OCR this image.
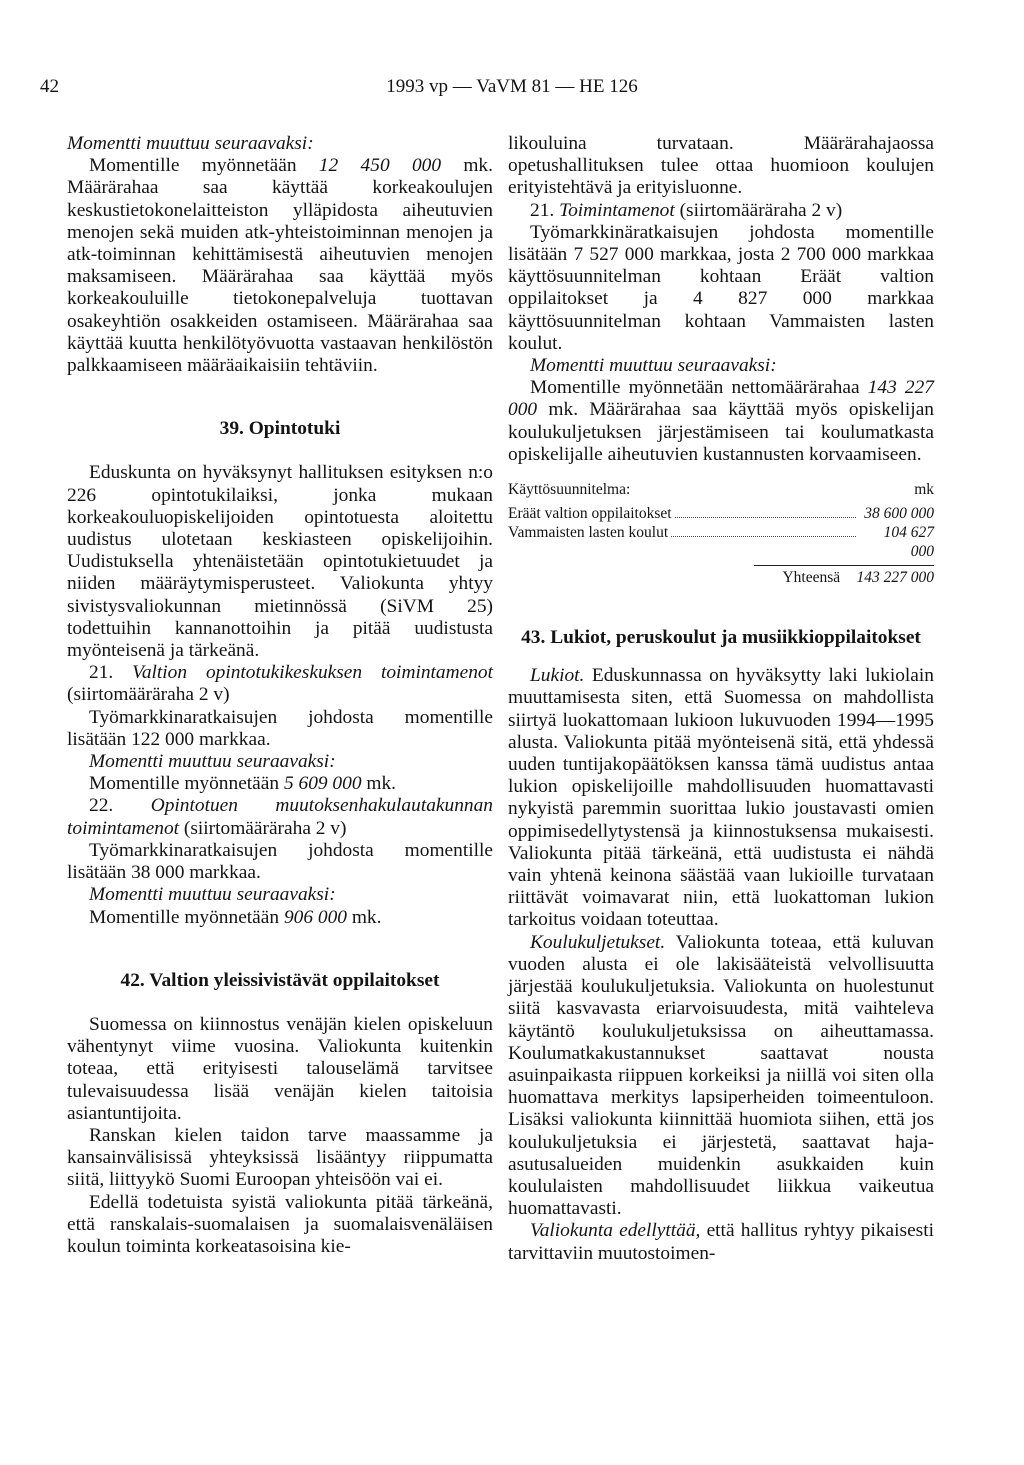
42	1993 vp — VaVM 81 — HE 126

Momentti muuttuu seuraavaksi:

Momentille myönnetään 12 450 000 mk. Määrärahaa saa käyttää korkeakoulujen keskustietokonelaitteiston ylläpidosta aiheutuvien menojen sekä muiden atk-yhteistoiminnan menojen ja atk-toiminnan kehittämisestä aiheutuvien menojen maksamiseen. Määrärahaa saa käyttää myös korkeakouluille tietokonepalveluja tuottavan osakeyhtiön osakkeiden ostamiseen. Määrärahaa saa käyttää kuutta henkilötyövuotta vastaavan henkilöstön palkkaamiseen määräaikaisiin tehtäviin.

39. Opintotuki

Eduskunta on hyväksynyt hallituksen esityksen n:o 226 opintotukilaiksi, jonka mukaan korkeakouluopiskelijoiden opintotuesta aloitettu uudistus ulotetaan keskiasteen opiskelijoihin. Uudistuksella yhtenäistetään opintotukietuudet ja niiden määräytymisperusteet. Valiokunta yhtyy sivistysvaliokunnan mietinnössä (SiVM 25) todettuihin kannanottoihin ja pitää uudistusta myönteisenä ja tärkeänä.

21. Valtion opintotukikeskuksen toimintamenot (siirtomääräraha 2 v)

Työmarkkinaratkaisujen johdosta momentille lisätään 122 000 markkaa.

Momentti muuttuu seuraavaksi:

Momentille myönnetään 5 609 000 mk.

22. Opintotuen muutoksenhakulautakunnan toimintamenot (siirtomääräraha 2 v)

Työmarkkinaratkaisujen johdosta momentille lisätään 38 000 markkaa.

Momentti muuttuu seuraavaksi:

Momentille myönnetään 906 000 mk.

42. Valtion yleissivistävät oppilaitokset

Suomessa on kiinnostus venäjän kielen opiskeluun vähentynyt viime vuosina. Valiokunta kuitenkin toteaa, että erityisesti talouselämä tarvitsee tulevaisuudessa lisää venäjän kielen taitoisia asiantuntijoita.

Ranskan kielen taidon tarve maassamme ja kansainvälisissä yhteyksissä lisääntyy riippumatta siitä, liittyykö Suomi Euroopan yhteisöön vai ei.

Edellä todetuista syistä valiokunta pitää tärkeänä, että ranskalais-suomalaisen ja suomalaisvenäläisen koulun toiminta korkeatasoisina kie-

likouluina turvataan. Määrärahajaossa opetushallituksen tulee ottaa huomioon koulujen erityistehtävä ja erityisluonne.

21. Toimintamenot (siirtomääräraha 2 v)

Työmarkkinäratkaisujen johdosta momentille lisätään 7 527 000 markkaa, josta 2 700 000 markkaa käyttösuunnitelman kohtaan Eräät valtion oppilaitokset ja 4 827 000 markkaa käyttösuunnitelman kohtaan Vammaisten lasten koulut.

Momentti muuttuu seuraavaksi:

Momentille myönnetään nettomäärärahaa 143 227 000 mk. Määrärahaa saa käyttää myös opiskelijan koulukuljetuksen järjestämiseen tai koulumatkasta opiskelijalle aiheutuvien kustannusten korvaamiseen.

Käyttösuunnitelma:	mk
Eräät valtion oppilaitokset	38 600 000
Vammaisten lasten koulut	104 627 000
Yhteensä 143 227 000
43. Lukiot, peruskoulut ja musiikkioppilaitokset

Lukiot. Eduskunnassa on hyväksytty laki lukiolain muuttamisesta siten, että Suomessa on mahdollista siirtyä luokattomaan lukioon lukuvuoden 1994—1995 alusta. Valiokunta pitää myönteisenä sitä, että yhdessä uuden tuntijakopäätöksen kanssa tämä uudistus antaa lukion opiskelijoille mahdollisuuden huomattavasti nykyistä paremmin suorittaa lukio joustavasti omien oppimisedellytystensä ja kiinnostuksensa mukaisesti. Valiokunta pitää tärkeänä, että uudistusta ei nähdä vain yhtenä keinona säästää vaan lukioille turvataan riittävät voimavarat niin, että luokattoman lukion tarkoitus voidaan toteuttaa.

Koulukuljetukset. Valiokunta toteaa, että kuluvan vuoden alusta ei ole lakisääteistä velvollisuutta järjestää koulukuljetuksia. Valiokunta on huolestunut siitä kasvavasta eriarvoisuudesta, mitä vaihteleva käytäntö koulukuljetuksissa on aiheuttamassa. Koulumatkakustannukset saattavat nousta asuinpaikasta riippuen korkeiksi ja niillä voi siten olla huomattava merkitys lapsiperheiden toimeentuloon. Lisäksi valiokunta kiinnittää huomiota siihen, että jos koulukuljetuksia ei järjestetä, saattavat haja-asutusalueiden muidenkin asukkaiden kuin koululaisten mahdollisuudet liikkua vaikeutua huomattavasti.

Valiokunta edellyttää, että hallitus ryhtyy pikaisesti tarvittaviin muutostoimen-
